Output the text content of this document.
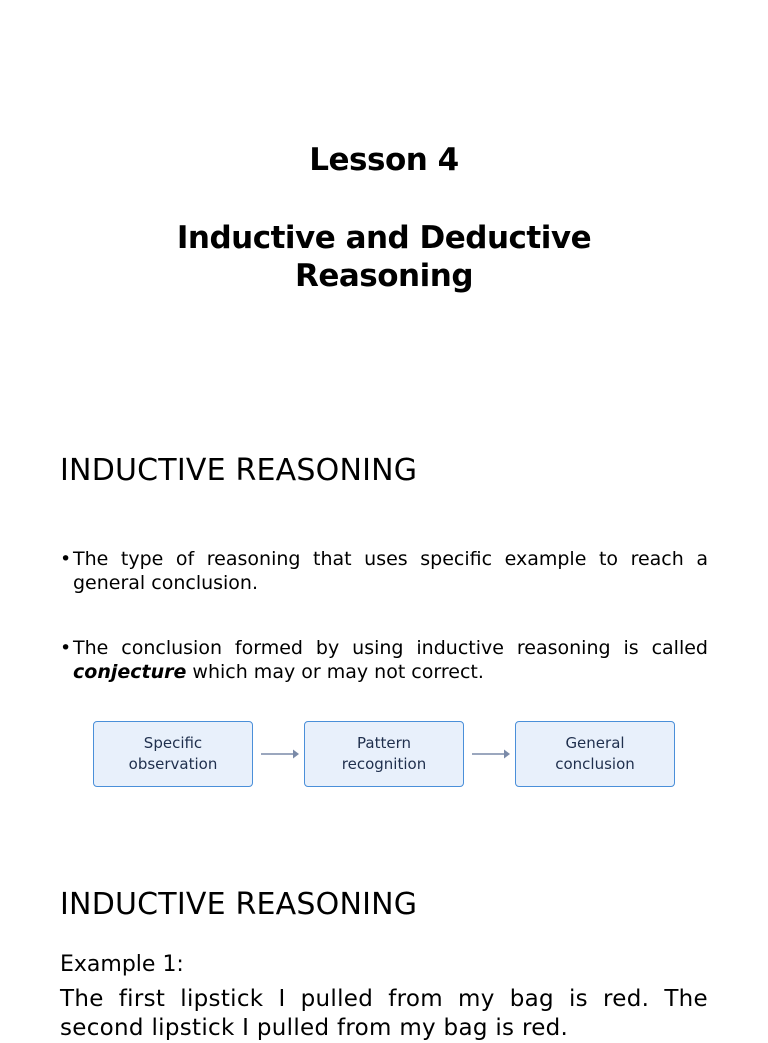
Lesson 4
Inductive and Deductive Reasoning
INDUCTIVE REASONING
• The type of reasoning that uses specific example to reach a general conclusion.
• The conclusion formed by using inductive reasoning is called conjecture which may or may not correct.
Specific observation
Pattern recognition
General conclusion
INDUCTIVE REASONING
Example 1:
The first lipstick I pulled from my bag is red. The second lipstick I pulled from my bag is red.
